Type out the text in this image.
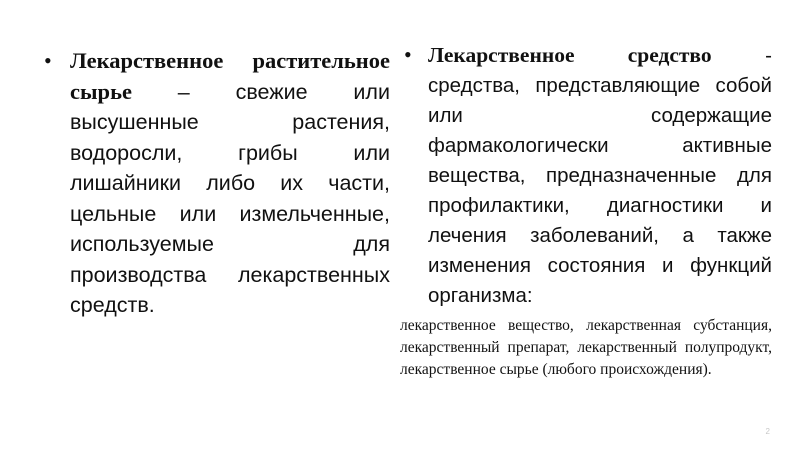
• Лекарственное растительное сырье – свежие или высушенные растения, водоросли, грибы или лишайники либо их части, цельные или измельченные, используемые для производства лекарственных средств.
• Лекарственное средство - средства, представляющие собой или содержащие фармакологически активные вещества, предназначенные для профилактики, диагностики и лечения заболеваний, а также изменения состояния и функций организма:
лекарственное вещество, лекарственная субстанция, лекарственный препарат, лекарственный полупродукт, лекарственное сырье (любого происхождения).
2
